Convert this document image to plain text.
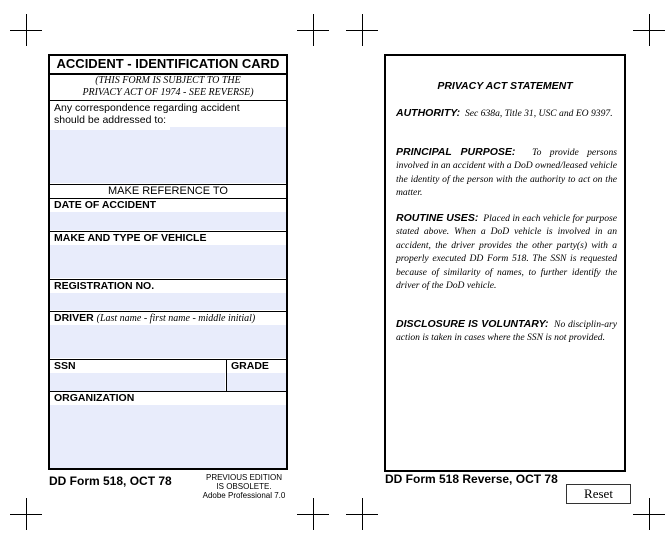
ACCIDENT - IDENTIFICATION CARD
(THIS FORM IS SUBJECT TO THE
PRIVACY ACT OF 1974 - SEE REVERSE)
Any correspondence regarding accident
should be addressed to:
MAKE REFERENCE TO
DATE OF ACCIDENT
MAKE AND TYPE OF VEHICLE
REGISTRATION NO.
DRIVER (Last name - first name - middle initial)
SSN	GRADE
ORGANIZATION
DD Form 518, OCT 78	PREVIOUS EDITION
IS OBSOLETE.
Adobe Professional 7.0
PRIVACY ACT STATEMENT
AUTHORITY: Sec 638a, Title 31, USC and EO 9397.
PRINCIPAL PURPOSE: To provide persons involved in an accident with a DoD owned/leased vehicle the identity of the person with the authority to act on the matter.
ROUTINE USES: Placed in each vehicle for purpose stated above. When a DoD vehicle is involved in an accident, the driver provides the other party(s) with a properly executed DD Form 518. The SSN is requested because of similarity of names, to further identify the driver of the DoD vehicle.
DISCLOSURE IS VOLUNTARY: No disciplin-ary action is taken in cases where the SSN is not provided.
DD Form 518 Reverse, OCT 78
Reset
